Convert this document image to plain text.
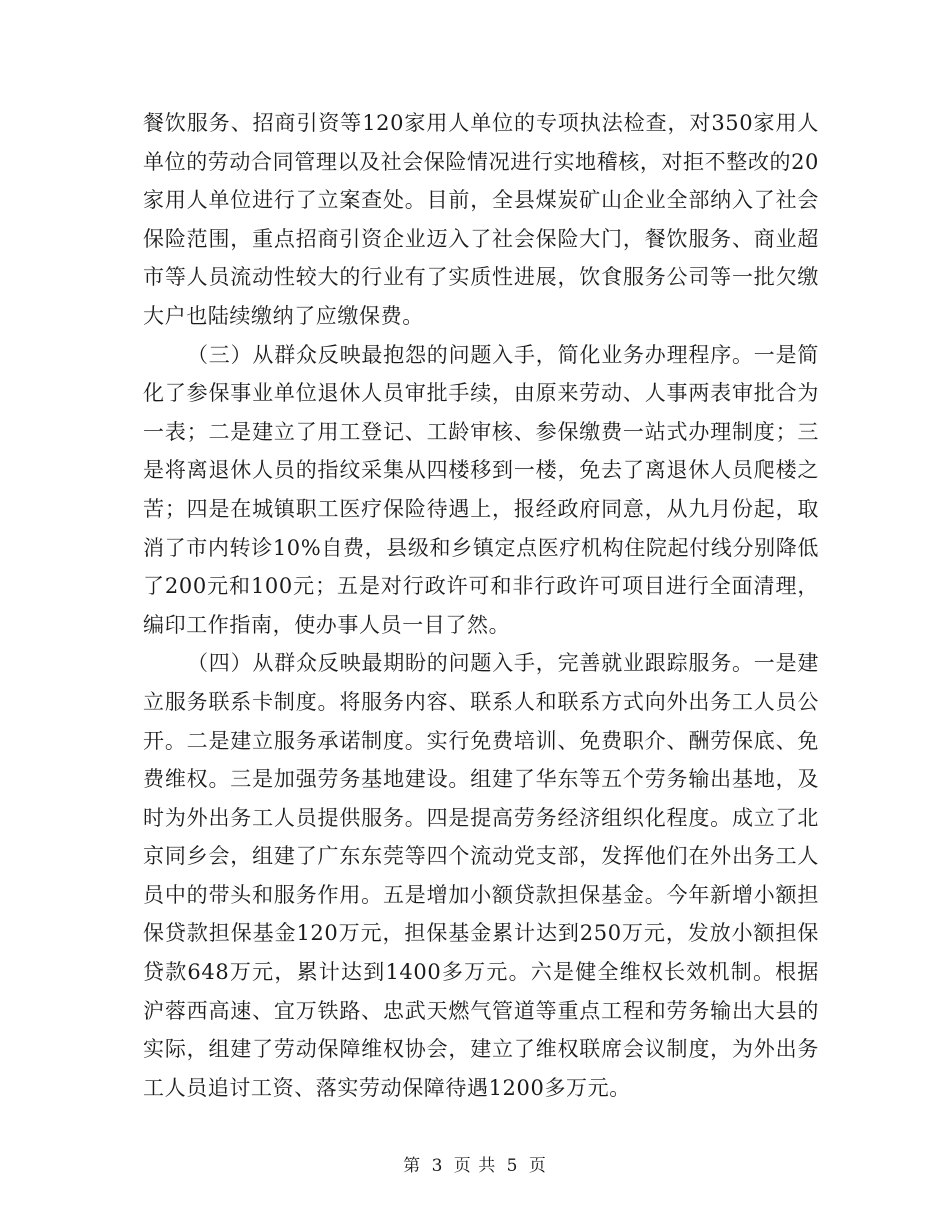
餐饮服务、招商引资等120家用人单位的专项执法检查，对350家用人单位的劳动合同管理以及社会保险情况进行实地稽核，对拒不整改的20家用人单位进行了立案查处。目前，全县煤炭矿山企业全部纳入了社会保险范围，重点招商引资企业迈入了社会保险大门，餐饮服务、商业超市等人员流动性较大的行业有了实质性进展，饮食服务公司等一批欠缴大户也陆续缴纳了应缴保费。

（三）从群众反映最抱怨的问题入手，简化业务办理程序。一是简化了参保事业单位退休人员审批手续，由原来劳动、人事两表审批合为一表；二是建立了用工登记、工龄审核、参保缴费一站式办理制度；三是将离退休人员的指纹采集从四楼移到一楼，免去了离退休人员爬楼之苦；四是在城镇职工医疗保险待遇上，报经政府同意，从九月份起，取消了市内转诊10%自费，县级和乡镇定点医疗机构住院起付线分别降低了200元和100元；五是对行政许可和非行政许可项目进行全面清理，编印工作指南，使办事人员一目了然。

（四）从群众反映最期盼的问题入手，完善就业跟踪服务。一是建立服务联系卡制度。将服务内容、联系人和联系方式向外出务工人员公开。二是建立服务承诺制度。实行免费培训、免费职介、酬劳保底、免费维权。三是加强劳务基地建设。组建了华东等五个劳务输出基地，及时为外出务工人员提供服务。四是提高劳务经济组织化程度。成立了北京同乡会，组建了广东东莞等四个流动党支部，发挥他们在外出务工人员中的带头和服务作用。五是增加小额贷款担保基金。今年新增小额担保贷款担保基金120万元，担保基金累计达到250万元，发放小额担保贷款648万元，累计达到1400多万元。六是健全维权长效机制。根据沪蓉西高速、宜万铁路、忠武天燃气管道等重点工程和劳务输出大县的实际，组建了劳动保障维权协会，建立了维权联席会议制度，为外出务工人员追讨工资、落实劳动保障待遇1200多万元。

第 3 页 共 5 页
